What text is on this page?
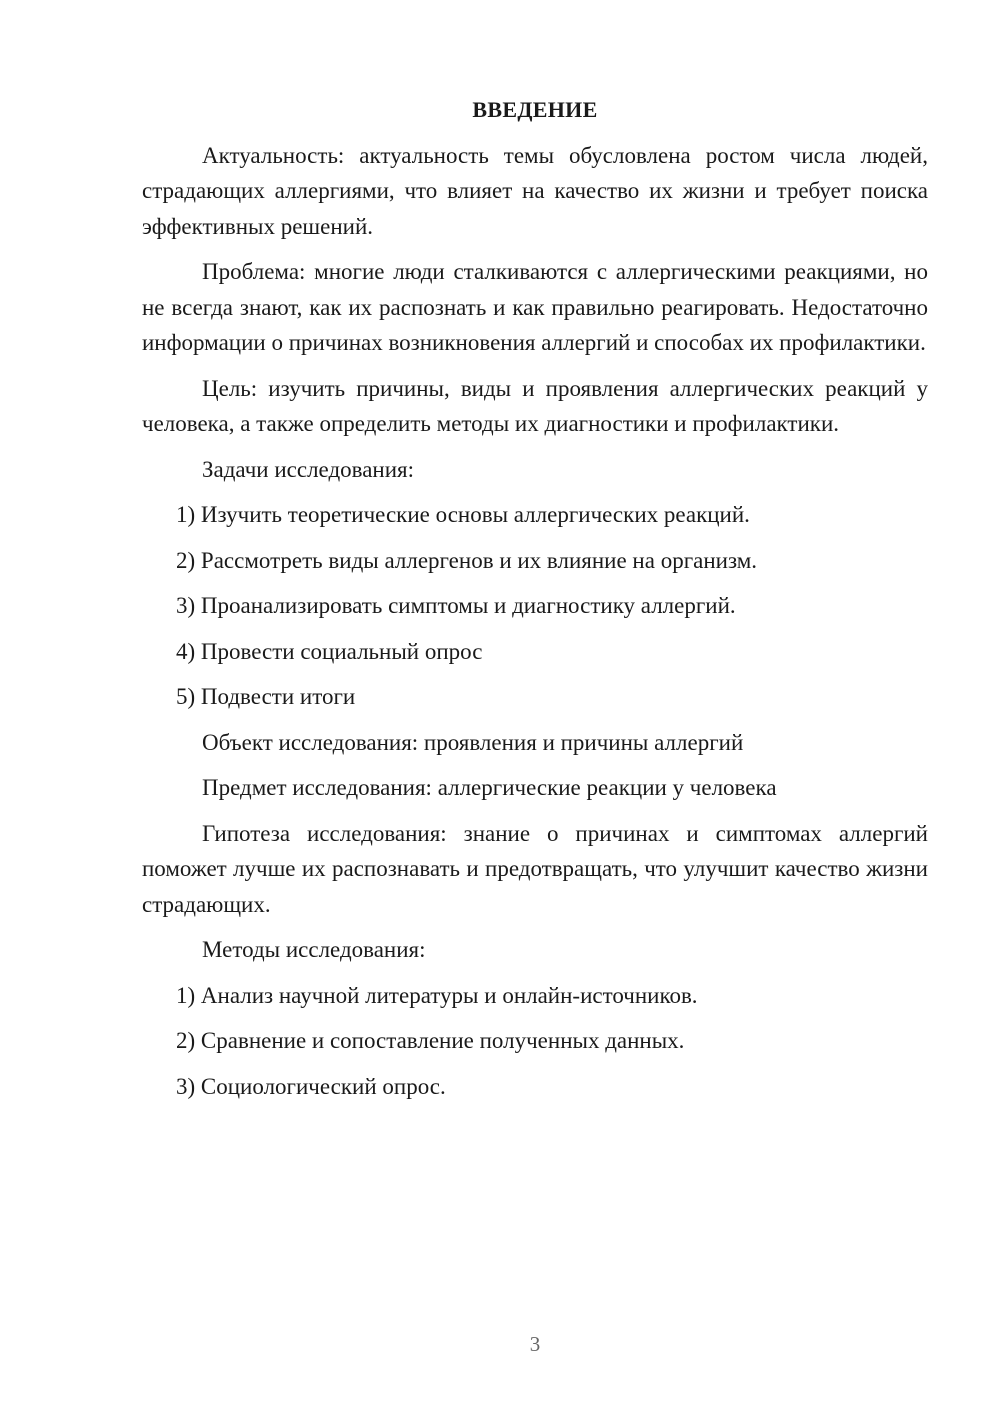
ВВЕДЕНИЕ
Актуальность: актуальность темы обусловлена ростом числа людей, страдающих аллергиями, что влияет на качество их жизни и требует поиска эффективных решений.
Проблема: многие люди сталкиваются с аллергическими реакциями, но не всегда знают, как их распознать и как правильно реагировать. Недостаточно информации о причинах возникновения аллергий и способах их профилактики.
Цель: изучить причины, виды и проявления аллергических реакций у человека, а также определить методы их диагностики и профилактики.
Задачи исследования:
1) Изучить теоретические основы аллергических реакций.
2) Рассмотреть виды аллергенов и их влияние на организм.
3) Проанализировать симптомы и диагностику аллергий.
4) Провести социальный опрос
5) Подвести итоги
Объект исследования: проявления и причины аллергий
Предмет исследования: аллергические реакции у человека
Гипотеза исследования: знание о причинах и симптомах аллергий поможет лучше их распознавать и предотвращать, что улучшит качество жизни страдающих.
Методы исследования:
1) Анализ научной литературы и онлайн-источников.
2) Сравнение и сопоставление полученных данных.
3) Социологический опрос.
3
